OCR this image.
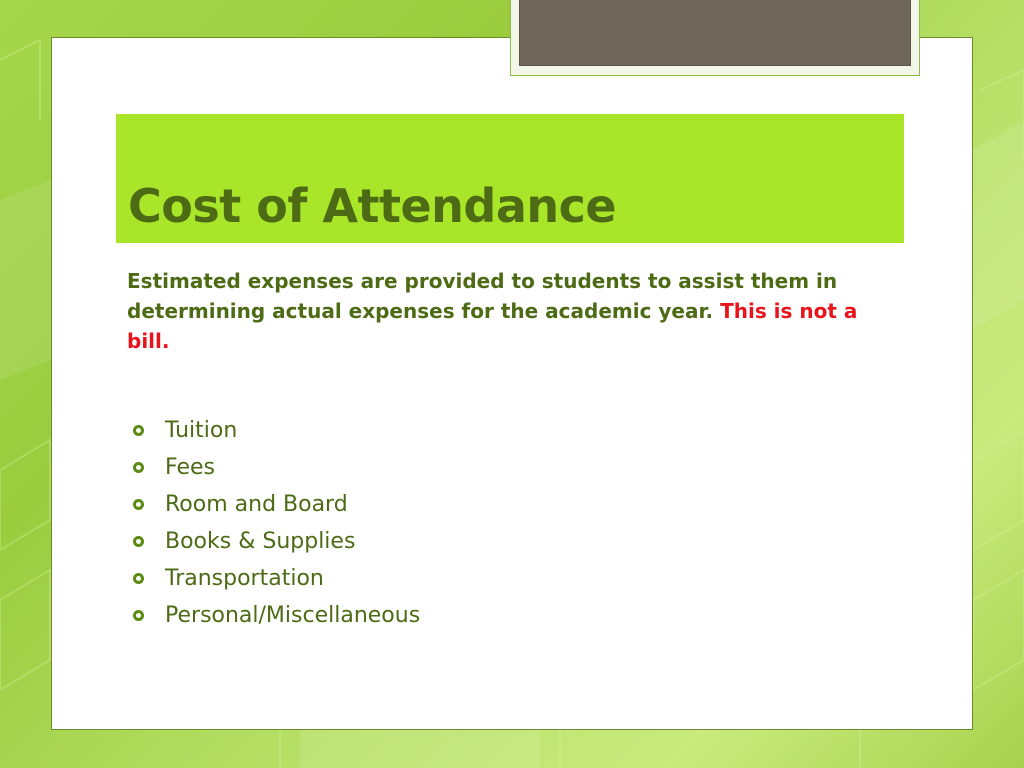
Cost of Attendance

Estimated expenses are provided to students to assist them in determining actual expenses for the academic year. This is not a bill.

Tuition
Fees
Room and Board
Books & Supplies
Transportation
Personal/Miscellaneous
